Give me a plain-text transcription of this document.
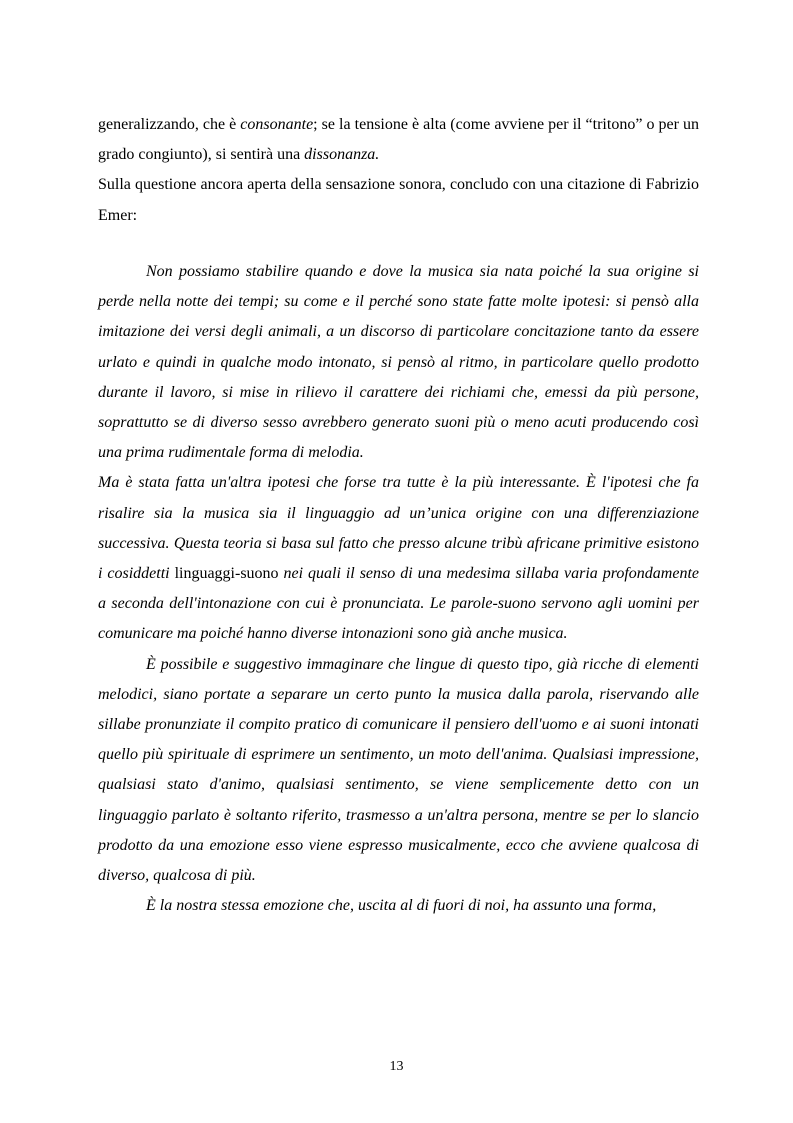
generalizzando, che è consonante; se la tensione è alta (come avviene per il “tritono” o per un grado congiunto), si sentirà una dissonanza.

Sulla questione ancora aperta della sensazione sonora, concludo con una citazione di Fabrizio Emer:

Non possiamo stabilire quando e dove la musica sia nata poiché la sua origine si perde nella notte dei tempi; su come e il perché sono state fatte molte ipotesi: si pensò alla imitazione dei versi degli animali, a un discorso di particolare concitazione tanto da essere urlato e quindi in qualche modo intonato, si pensò al ritmo, in particolare quello prodotto durante il lavoro, si mise in rilievo il carattere dei richiami che, emessi da più persone, soprattutto se di diverso sesso avrebbero generato suoni più o meno acuti producendo così una prima rudimentale forma di melodia.

Ma è stata fatta un'altra ipotesi che forse tra tutte è la più interessante. È l'ipotesi che fa risalire sia la musica sia il linguaggio ad un’unica origine con una differenziazione successiva. Questa teoria si basa sul fatto che presso alcune tribù africane primitive esistono i cosiddetti linguaggi-suono nei quali il senso di una medesima sillaba varia profondamente a seconda dell'intonazione con cui è pronunciata. Le parole-suono servono agli uomini per comunicare ma poiché hanno diverse intonazioni sono già anche musica.

È possibile e suggestivo immaginare che lingue di questo tipo, già ricche di elementi melodici, siano portate a separare un certo punto la musica dalla parola, riservando alle sillabe pronunziate il compito pratico di comunicare il pensiero dell'uomo e ai suoni intonati quello più spirituale di esprimere un sentimento, un moto dell'anima. Qualsiasi impressione, qualsiasi stato d'animo, qualsiasi sentimento, se viene semplicemente detto con un linguaggio parlato è soltanto riferito, trasmesso a un'altra persona, mentre se per lo slancio prodotto da una emozione esso viene espresso musicalmente, ecco che avviene qualcosa di diverso, qualcosa di più.

È la nostra stessa emozione che, uscita al di fuori di noi, ha assunto una forma,

13
